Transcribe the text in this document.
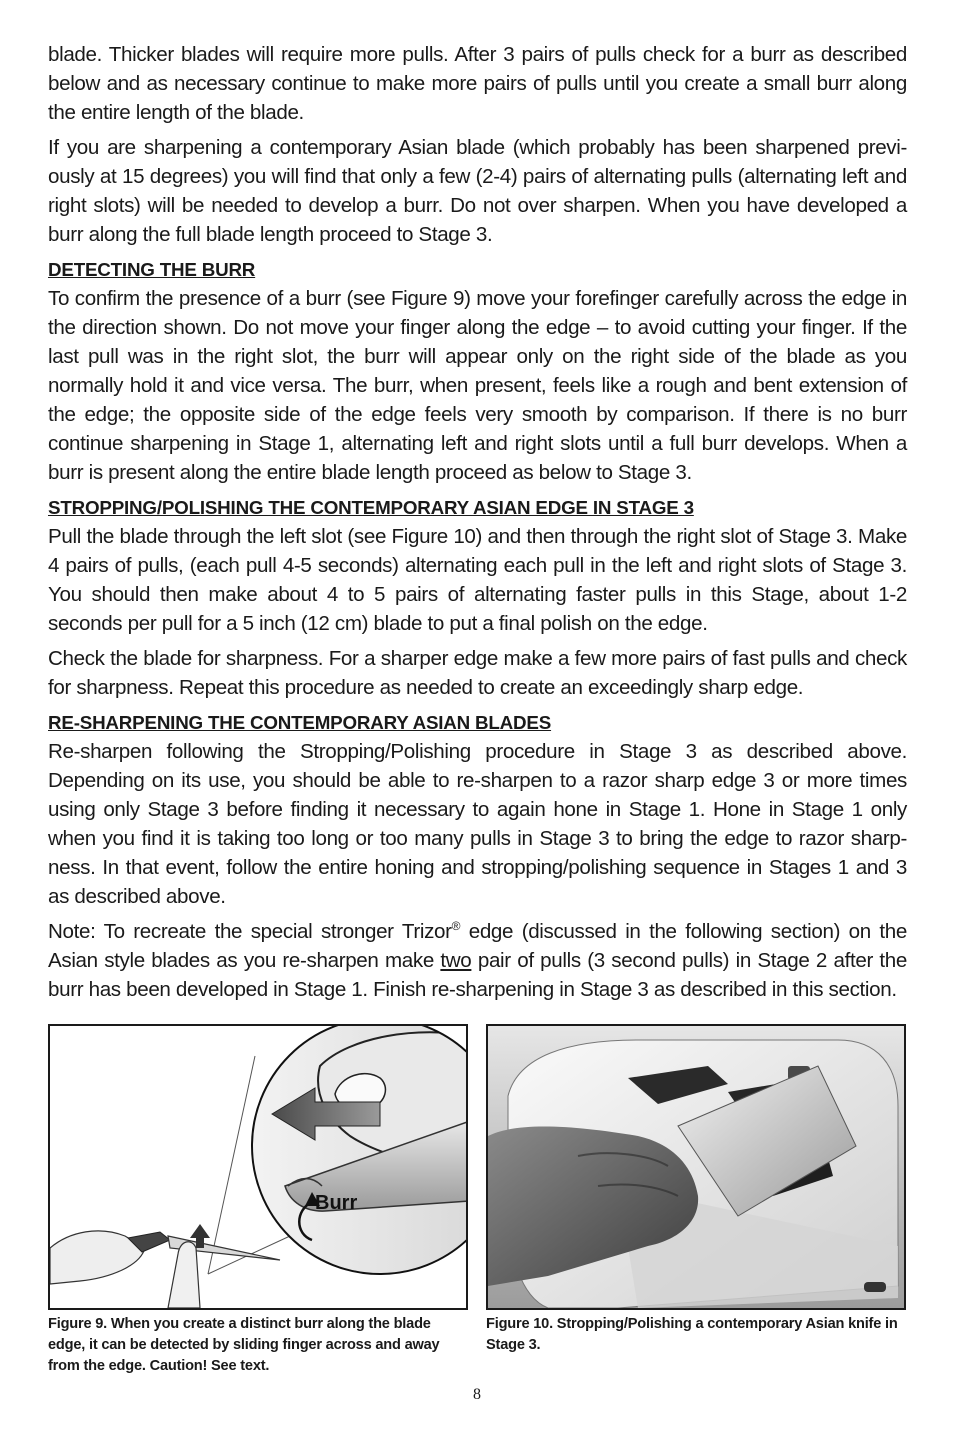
blade. Thicker blades will require more pulls. After 3 pairs of pulls check for a burr as described below and as necessary continue to make more pairs of pulls until you create a small burr along the entire length of the blade.

If you are sharpening a contemporary Asian blade (which probably has been sharpened previ-ously at 15 degrees) you will find that only a few (2-4) pairs of alternating pulls (alternating left and right slots) will be needed to develop a burr. Do not over sharpen. When you have developed a burr along the full blade length proceed to Stage 3.

DETECTING THE BURR

To confirm the presence of a burr (see Figure 9) move your forefinger carefully across the edge in the direction shown. Do not move your finger along the edge – to avoid cutting your finger. If the last pull was in the right slot, the burr will appear only on the right side of the blade as you normally hold it and vice versa. The burr, when present, feels like a rough and bent extension of the edge; the opposite side of the edge feels very smooth by comparison. If there is no burr continue sharpening in Stage 1, alternating left and right slots until a full burr develops. When a burr is present along the entire blade length proceed as below to Stage 3.

STROPPING/POLISHING THE CONTEMPORARY ASIAN EDGE IN STAGE 3

Pull the blade through the left slot (see Figure 10) and then through the right slot of Stage 3. Make 4 pairs of pulls, (each pull 4-5 seconds) alternating each pull in the left and right slots of Stage 3. You should then make about 4 to 5 pairs of alternating faster pulls in this Stage, about 1-2 seconds per pull for a 5 inch (12 cm) blade to put a final polish on the edge.

Check the blade for sharpness. For a sharper edge make a few more pairs of fast pulls and check for sharpness. Repeat this procedure as needed to create an exceedingly sharp edge.

RE-SHARPENING THE CONTEMPORARY ASIAN BLADES

Re-sharpen following the Stropping/Polishing procedure in Stage 3 as described above. Depending on its use, you should be able to re-sharpen to a razor sharp edge 3 or more times using only Stage 3 before finding it necessary to again hone in Stage 1. Hone in Stage 1 only when you find it is taking too long or too many pulls in Stage 3 to bring the edge to razor sharp-ness. In that event, follow the entire honing and stropping/polishing sequence in Stages 1 and 3 as described above.

Note: To recreate the special stronger Trizor® edge (discussed in the following section) on the Asian style blades as you re-sharpen make two pair of pulls (3 second pulls) in Stage 2 after the burr has been developed in Stage 1. Finish re-sharpening in Stage 3 as described in this section.

Burr
Figure 9. When you create a distinct burr along the blade edge, it can be detected by sliding finger across and away from the edge. Caution! See text.
Figure 10. Stropping/Polishing a contemporary Asian knife in Stage 3.
8
